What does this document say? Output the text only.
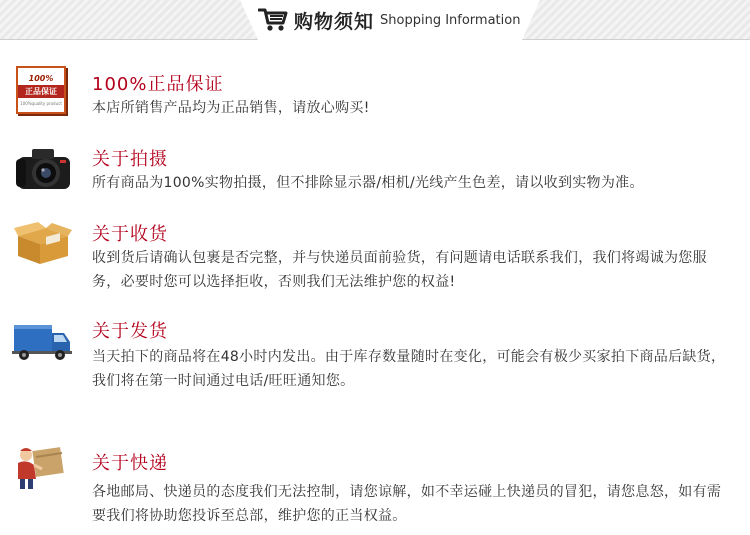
购物须知 Shopping Information
100%
正品保证
100%quality product
100%正品保证
本店所销售产品均为正品销售，请放心购买!
关于拍摄
所有商品为100%实物拍摄，但不排除显示器/相机/光线产生色差，请以收到实物为准。
关于收货
收到货后请确认包裹是否完整，并与快递员面前验货，有问题请电话联系我们，我们将竭诚为您服务，必要时您可以选择拒收，否则我们无法维护您的权益!
关于发货
当天拍下的商品将在48小时内发出。由于库存数量随时在变化，可能会有极少买家拍下商品后缺货，我们将在第一时间通过电话/旺旺通知您。
关于快递
各地邮局、快递员的态度我们无法控制，请您谅解，如不幸运碰上快递员的冒犯，请您息怒，如有需要我们将协助您投诉至总部，维护您的正当权益。
